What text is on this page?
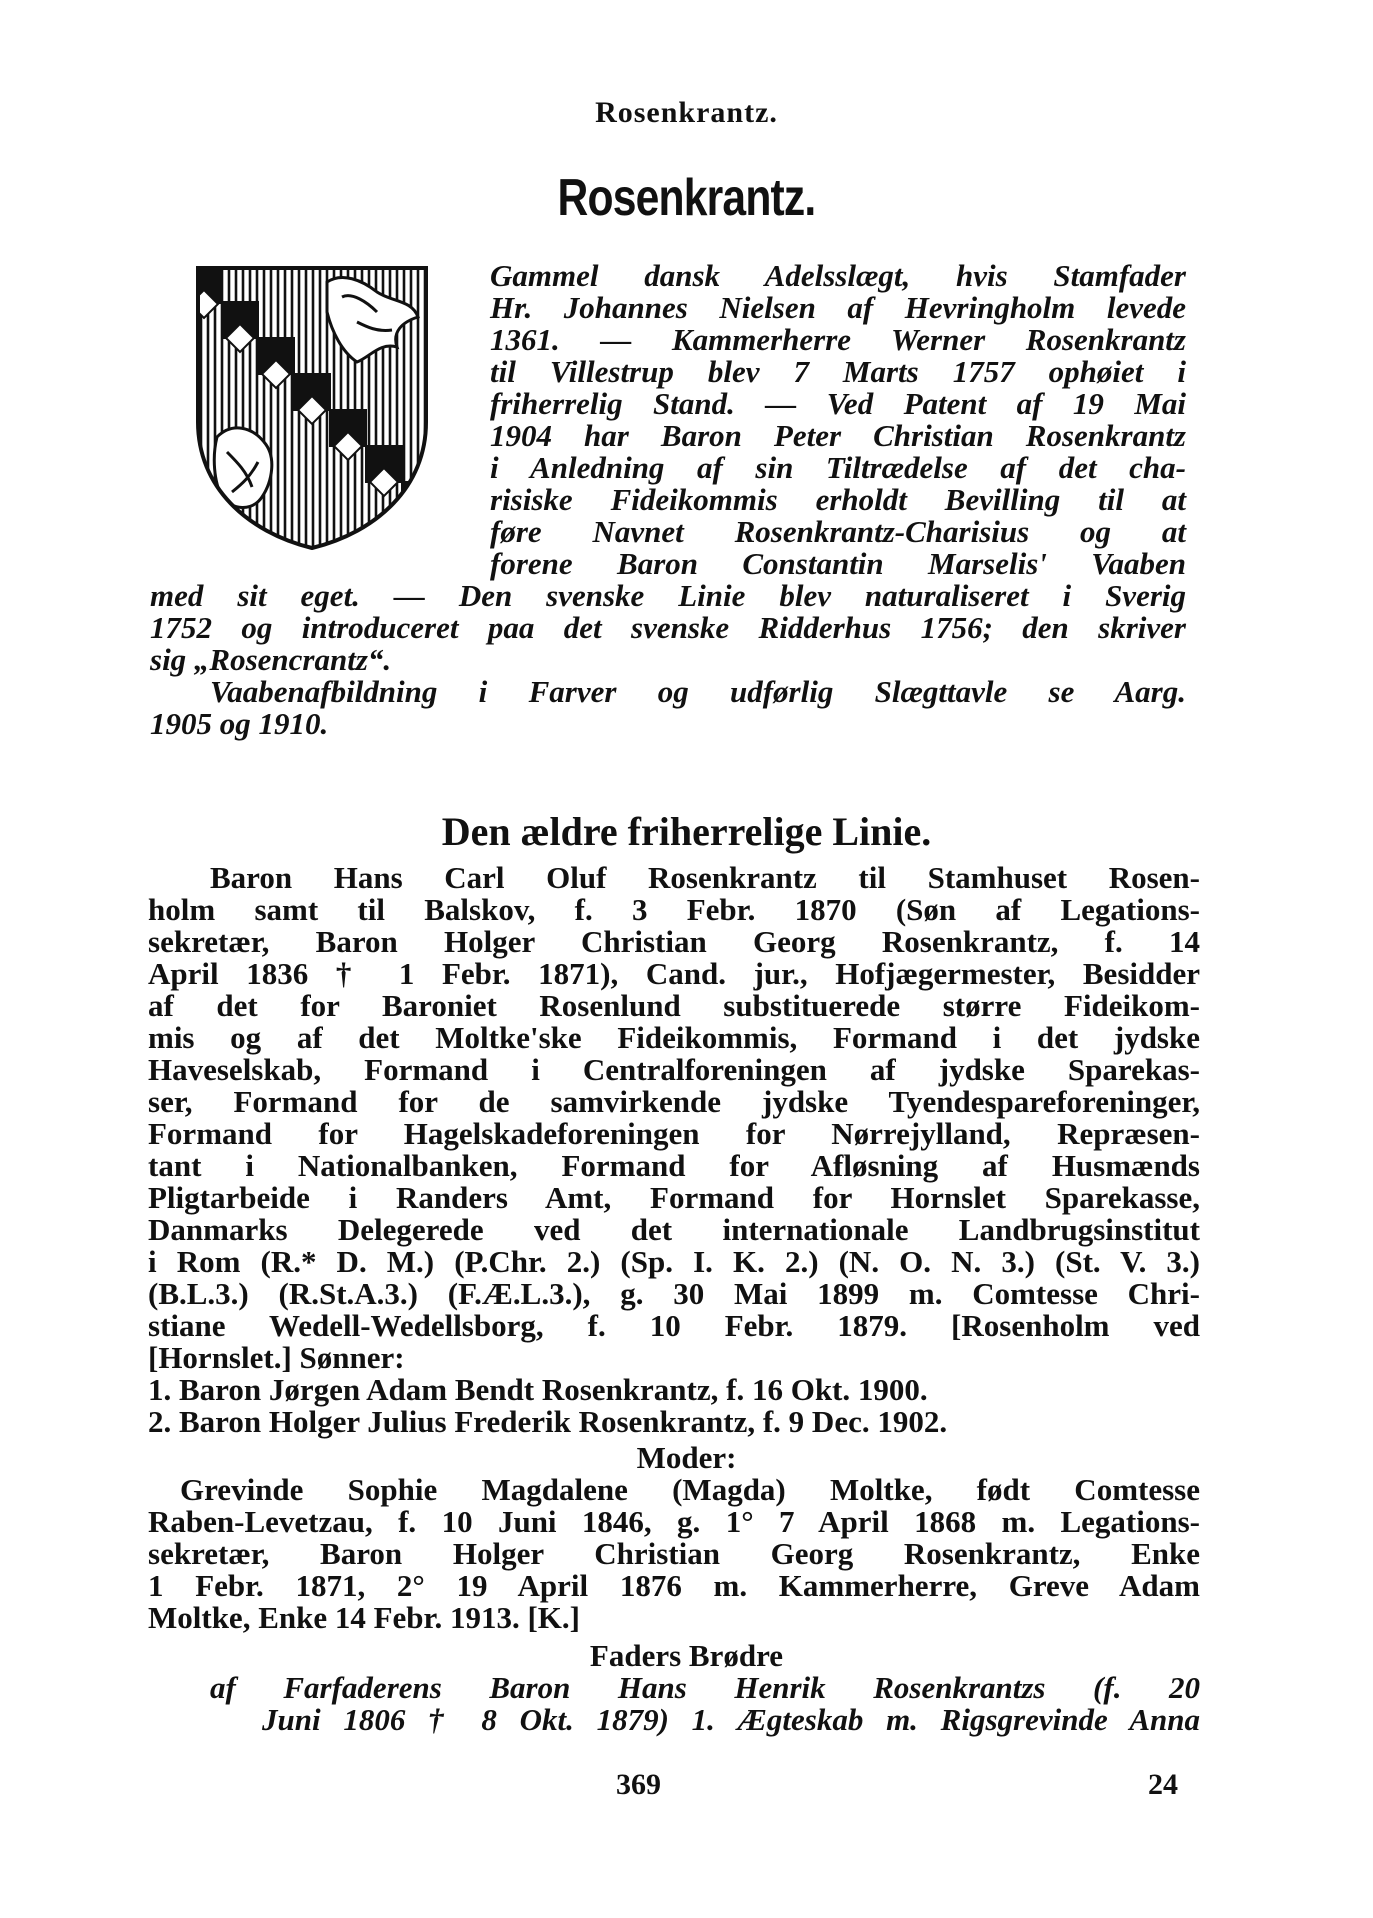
Rosenkrantz.
Rosenkrantz.
Gammel dansk Adelsslægt, hvis Stamfader
Hr. Johannes Nielsen af Hevringholm levede
1361. — Kammerherre Werner Rosenkrantz
til Villestrup blev 7 Marts 1757 ophøiet i
friherrelig Stand. — Ved Patent af 19 Mai
1904 har Baron Peter Christian Rosenkrantz
i Anledning af sin Tiltrædelse af det cha-
risiske Fideikommis erholdt Bevilling til at
føre Navnet Rosenkrantz-Charisius og at
forene Baron Constantin Marselis' Vaaben
med sit eget. — Den svenske Linie blev naturaliseret i Sverig
1752 og introduceret paa det svenske Ridderhus 1756; den skriver
sig „Rosencrantz“.
Vaabenafbildning i Farver og udførlig Slægttavle se Aarg.
1905 og 1910.
Den ældre friherrelige Linie.
Baron Hans Carl Oluf Rosenkrantz til Stamhuset Rosen-
holm samt til Balskov, f. 3 Febr. 1870 (Søn af Legations-
sekretær, Baron Holger Christian Georg Rosenkrantz, f. 14
April 1836 † 1 Febr. 1871), Cand. jur., Hofjægermester, Besidder
af det for Baroniet Rosenlund substituerede større Fideikom-
mis og af det Moltke'ske Fideikommis, Formand i det jydske
Haveselskab, Formand i Centralforeningen af jydske Sparekas-
ser, Formand for de samvirkende jydske Tyendespareforeninger,
Formand for Hagelskadeforeningen for Nørrejylland, Repræsen-
tant i Nationalbanken, Formand for Afløsning af Husmænds
Pligtarbeide i Randers Amt, Formand for Hornslet Sparekasse,
Danmarks Delegerede ved det internationale Landbrugsinstitut
i Rom (R.* D. M.) (P.Chr. 2.) (Sp. I. K. 2.) (N. O. N. 3.) (St. V. 3.)
(B.L.3.) (R.St.A.3.) (F.Æ.L.3.), g. 30 Mai 1899 m. Comtesse Chri-
stiane Wedell-Wedellsborg, f. 10 Febr. 1879. [Rosenholm ved
[Hornslet.] Sønner:
1. Baron Jørgen Adam Bendt Rosenkrantz, f. 16 Okt. 1900.
2. Baron Holger Julius Frederik Rosenkrantz, f. 9 Dec. 1902.
Moder:
Grevinde Sophie Magdalene (Magda) Moltke, født Comtesse
Raben-Levetzau, f. 10 Juni 1846, g. 1° 7 April 1868 m. Legations-
sekretær, Baron Holger Christian Georg Rosenkrantz, Enke
1 Febr. 1871, 2° 19 April 1876 m. Kammerherre, Greve Adam
Moltke, Enke 14 Febr. 1913. [K.]
Faders Brødre
af Farfaderens Baron Hans Henrik Rosenkrantzs (f. 20
Juni 1806 † 8 Okt. 1879) 1. Ægteskab m. Rigsgrevinde Anna
369	24
